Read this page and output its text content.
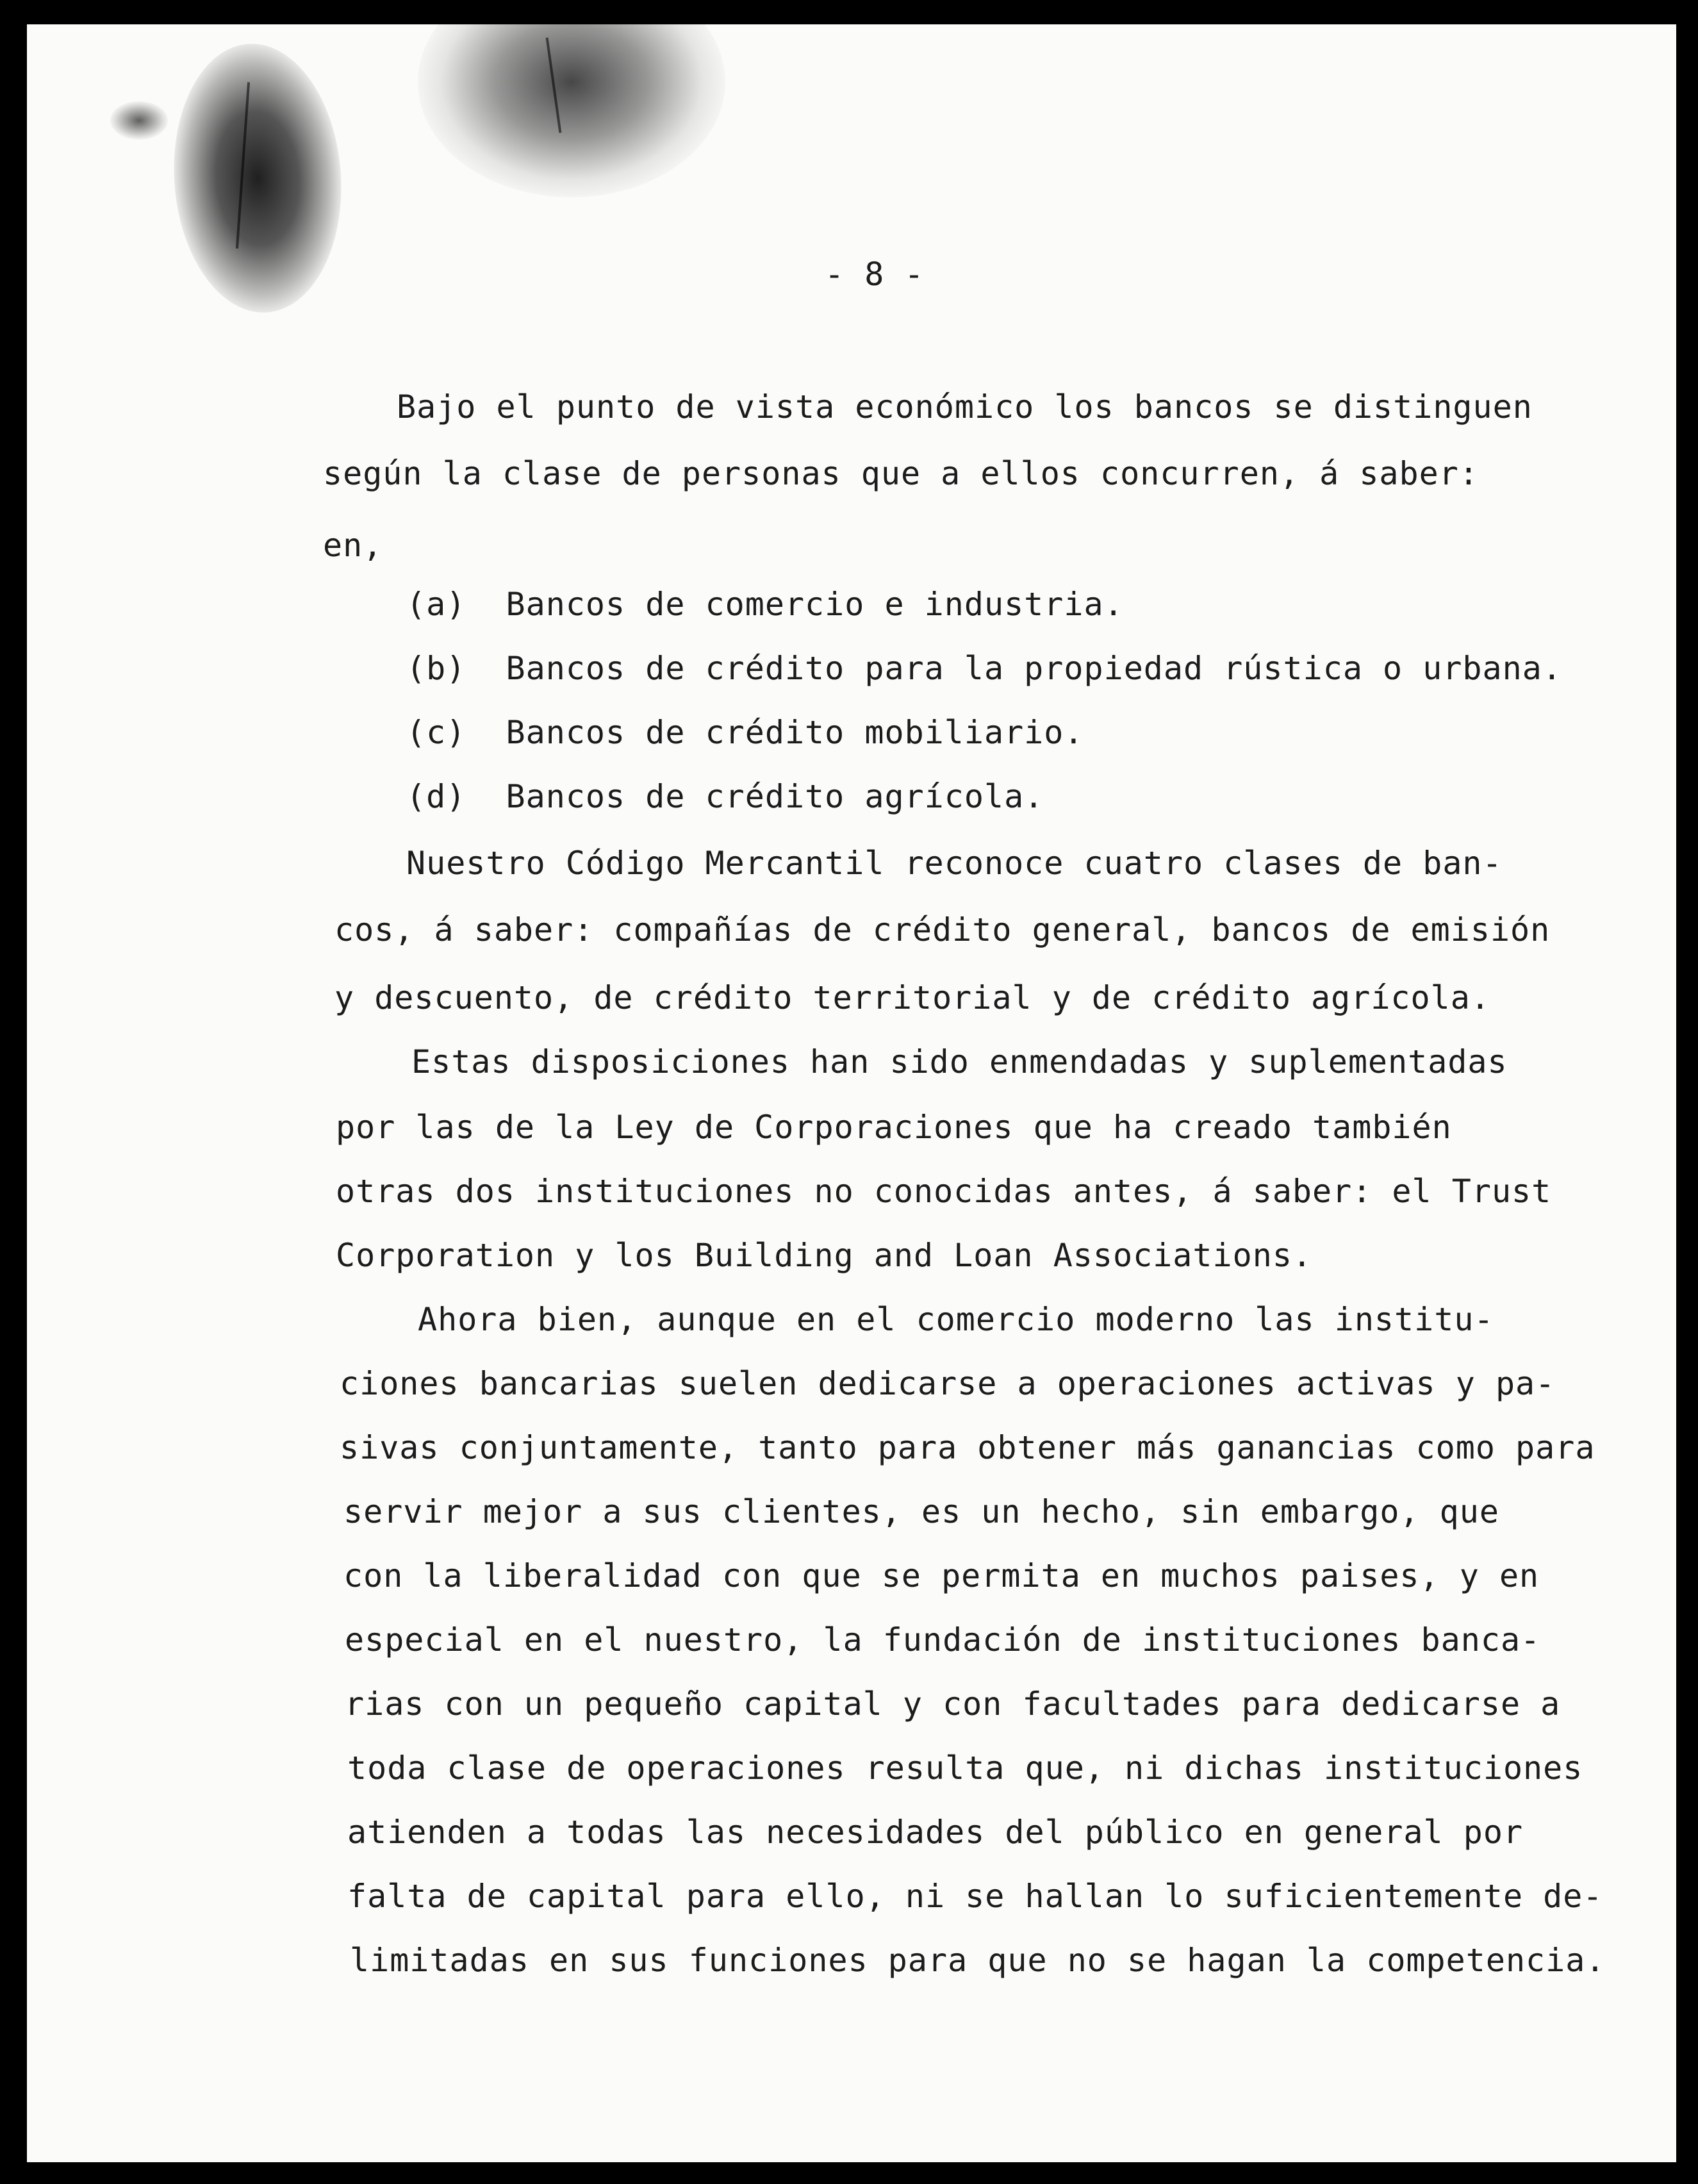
- 8 -
Bajo el punto de vista económico los bancos se distinguen
según la clase de personas que a ellos concurren, á saber:
en,
(a)  Bancos de comercio e industria.
(b)  Bancos de crédito para la propiedad rústica o urbana.
(c)  Bancos de crédito mobiliario.
(d)  Bancos de crédito agrícola.
Nuestro Código Mercantil reconoce cuatro clases de ban-
cos, á saber: compañías de crédito general, bancos de emisión
y descuento, de crédito territorial y de crédito agrícola.
Estas disposiciones han sido enmendadas y suplementadas
por las de la Ley de Corporaciones que ha creado también
otras dos instituciones no conocidas antes, á saber: el Trust
Corporation y los Building and Loan Associations.
Ahora bien, aunque en el comercio moderno las institu-
ciones bancarias suelen dedicarse a operaciones activas y pa-
sivas conjuntamente, tanto para obtener más ganancias como para
servir mejor a sus clientes, es un hecho, sin embargo, que
con la liberalidad con que se permita en muchos paises, y en
especial en el nuestro, la fundación de instituciones banca-
rias con un pequeño capital y con facultades para dedicarse a
toda clase de operaciones resulta que, ni dichas instituciones
atienden a todas las necesidades del público en general por
falta de capital para ello, ni se hallan lo suficientemente de-
limitadas en sus funciones para que no se hagan la competencia.
